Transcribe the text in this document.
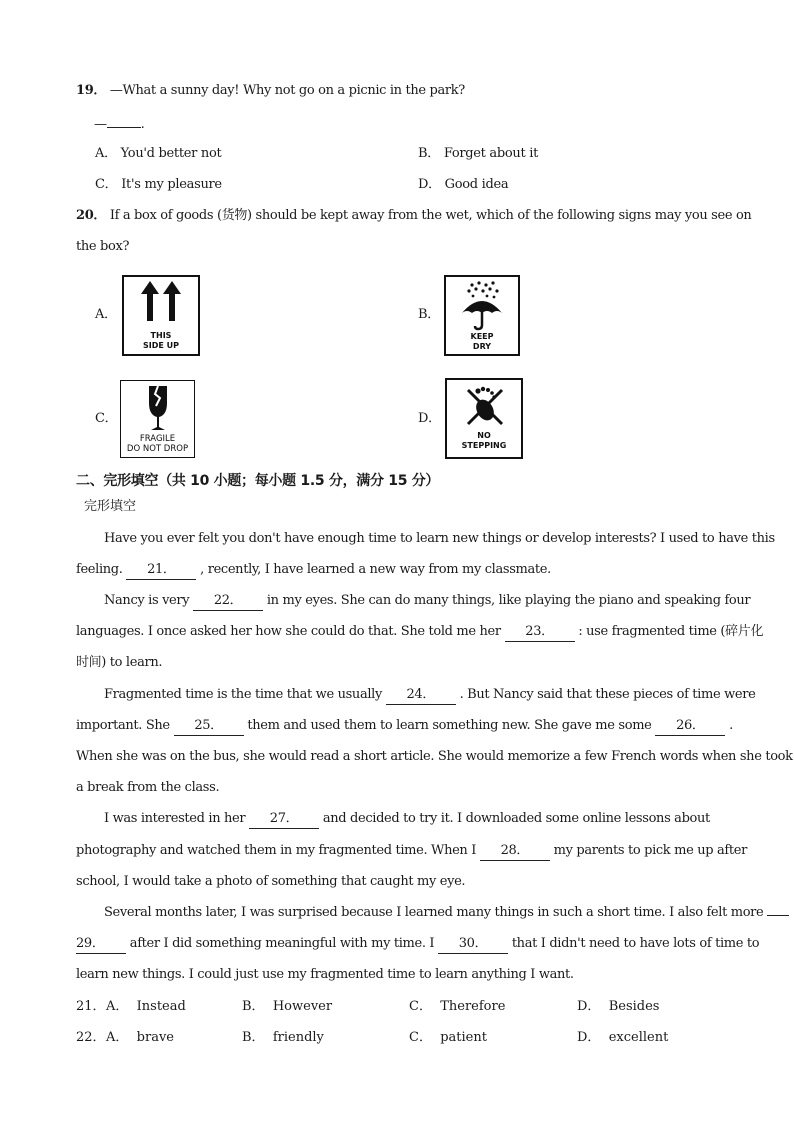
19． —What a sunny day! Why not go on a picnic in the park?
—	.
A． You'd better not	B． Forget about it
C． It's my pleasure	D． Good idea
20． If a box of goods (货物) should be kept away from the wet, which of the following signs may you see on
the box?
A．
THIS
SIDE UP
B．
KEEP
DRY
C．
FRAGILE
DO NOT DROP
D．
NO
STEPPING
二、完形填空（共 10 小题；每小题 1.5 分，满分 15 分）
完形填空
Have you ever felt you don't have enough time to learn new things or develop interests? I used to have this
feeling. 21． , recently, I have learned a new way from my classmate.
Nancy is very 22． in my eyes. She can do many things, like playing the piano and speaking four
languages. I once asked her how she could do that. She told me her 23． : use fragmented time (碎片化
时间) to learn.
Fragmented time is the time that we usually 24． . But Nancy said that these pieces of time were
important. She 25． them and used them to learn something new. She gave me some 26． .
When she was on the bus, she would read a short article. She would memorize a few French words when she took
a break from the class.
I was interested in her 27． and decided to try it. I downloaded some online lessons about
photography and watched them in my fragmented time. When I 28． my parents to pick me up after
school, I would take a photo of something that caught my eye.
Several months later, I was surprised because I learned many things in such a short time. I also felt more
29． after I did something meaningful with my time. I 30． that I didn't need to have lots of time to
learn new things. I could just use my fragmented time to learn anything I want.
21． A． Instead	B． However	C． Therefore	D． Besides
22． A． brave	B． friendly	C． patient	D． excellent
